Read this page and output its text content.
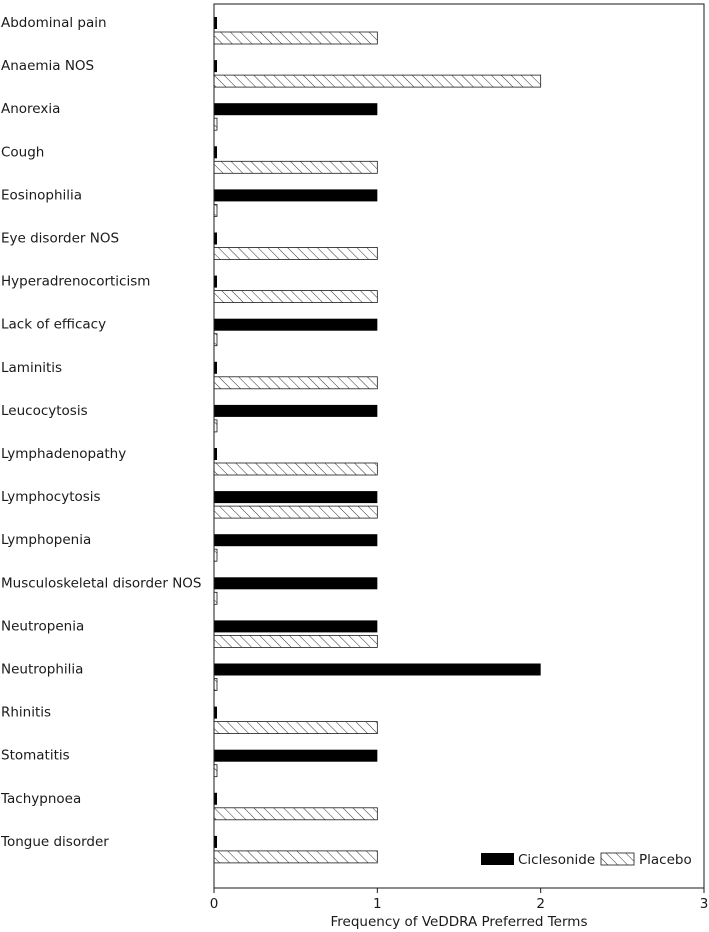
0	1	2	3
Abdominal pain
Anaemia NOS
Anorexia
Cough
Eosinophilia
Eye disorder NOS
Hyperadrenocorticism
Lack of efficacy
Laminitis
Leucocytosis
Lymphadenopathy
Lymphocytosis
Lymphopenia
Musculoskeletal disorder NOS
Neutropenia
Neutrophilia
Rhinitis
Stomatitis
Tachypnoea
Tongue disorder
Frequency of VeDDRA Preferred Terms
Ciclesonide	Placebo
